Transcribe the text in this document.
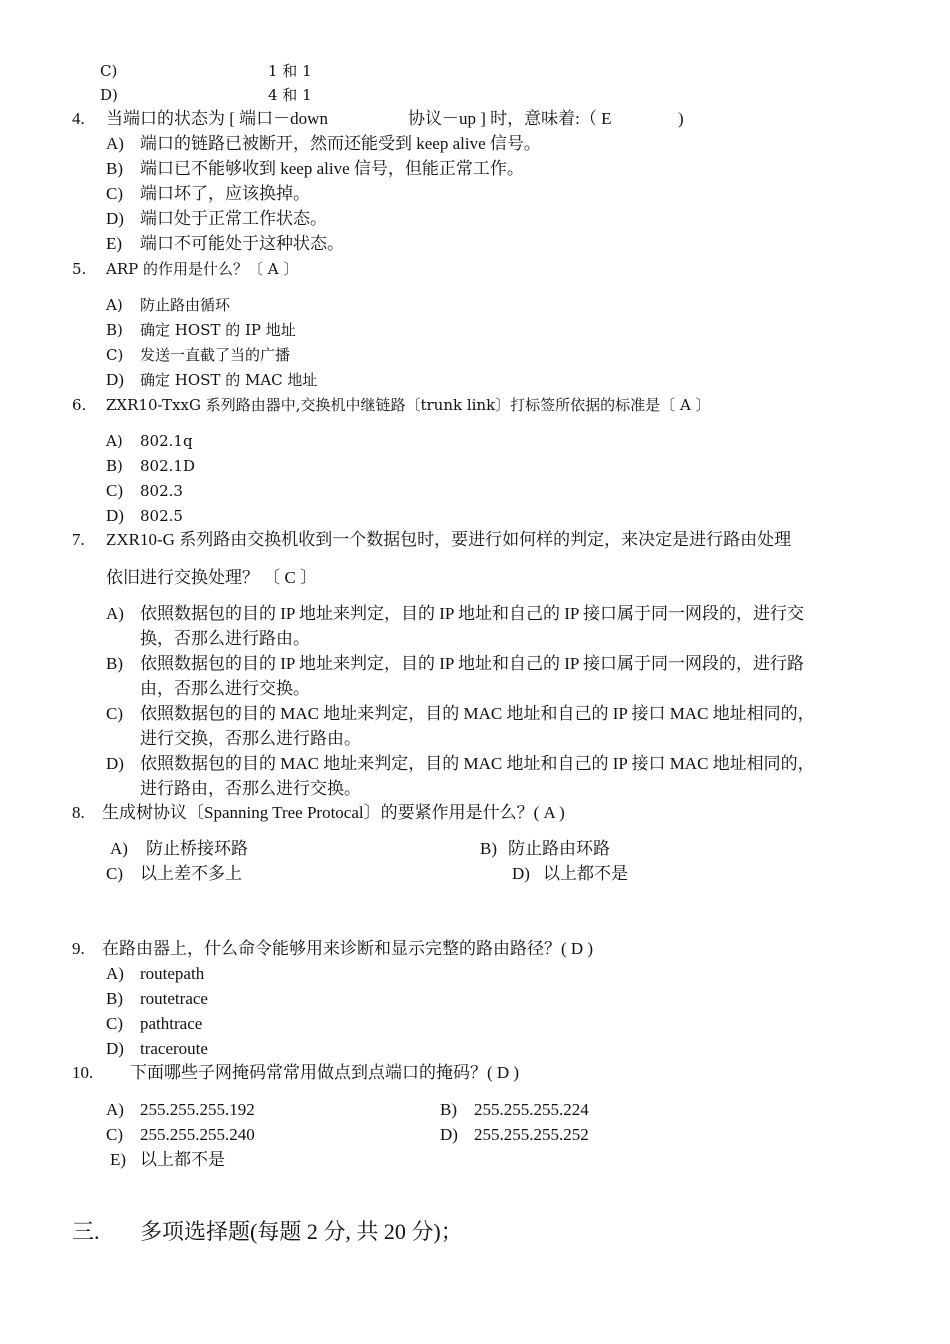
C)	1 和 1
D)	4 和 1
4. 当端口的状态为 [ 端口－down	协议－up ] 时，意味着:（ E	)
A) 端口的链路已被断开，然而还能受到 keep alive 信号。
B) 端口已不能够收到 keep alive 信号，但能正常工作。
C) 端口坏了，应该换掉。
D) 端口处于正常工作状态。
E) 端口不可能处于这种状态。
5. ARP 的作用是什么？〔 A 〕
A) 防止路由循环
B) 确定 HOST 的 IP 地址
C) 发送一直截了当的广播
D) 确定 HOST 的 MAC 地址
6. ZXR10-TxxG 系列路由器中,交换机中继链路〔trunk link〕打标签所依据的标准是〔 A 〕
A) 802.1q
B) 802.1D
C) 802.3
D) 802.5
7. ZXR10-G 系列路由交换机收到一个数据包时，要进行如何样的判定，来决定是进行路由处理
依旧进行交换处理？ 〔 C 〕
A) 依照数据包的目的 IP 地址来判定，目的 IP 地址和自己的 IP 接口属于同一网段的，进行交
换，否那么进行路由。
B) 依照数据包的目的 IP 地址来判定，目的 IP 地址和自己的 IP 接口属于同一网段的，进行路
由，否那么进行交换。
C) 依照数据包的目的 MAC 地址来判定，目的 MAC 地址和自己的 IP 接口 MAC 地址相同的，
进行交换，否那么进行路由。
D) 依照数据包的目的 MAC 地址来判定，目的 MAC 地址和自己的 IP 接口 MAC 地址相同的，
进行路由，否那么进行交换。
8. 生成树协议〔Spanning Tree Protocal〕的要紧作用是什么？( A )
A) 防止桥接环路	B) 防止路由环路
C) 以上差不多上	D) 以上都不是
9. 在路由器上，什么命令能够用来诊断和显示完整的路由路径？( D )
A) routepath
B) routetrace
C) pathtrace
D) traceroute
10. 下面哪些子网掩码常常用做点到点端口的掩码？( D )
A) 255.255.255.192	B) 255.255.255.224
C) 255.255.255.240	D) 255.255.255.252
E) 以上都不是
三. 多项选择题(每题 2 分, 共 20 分)；
